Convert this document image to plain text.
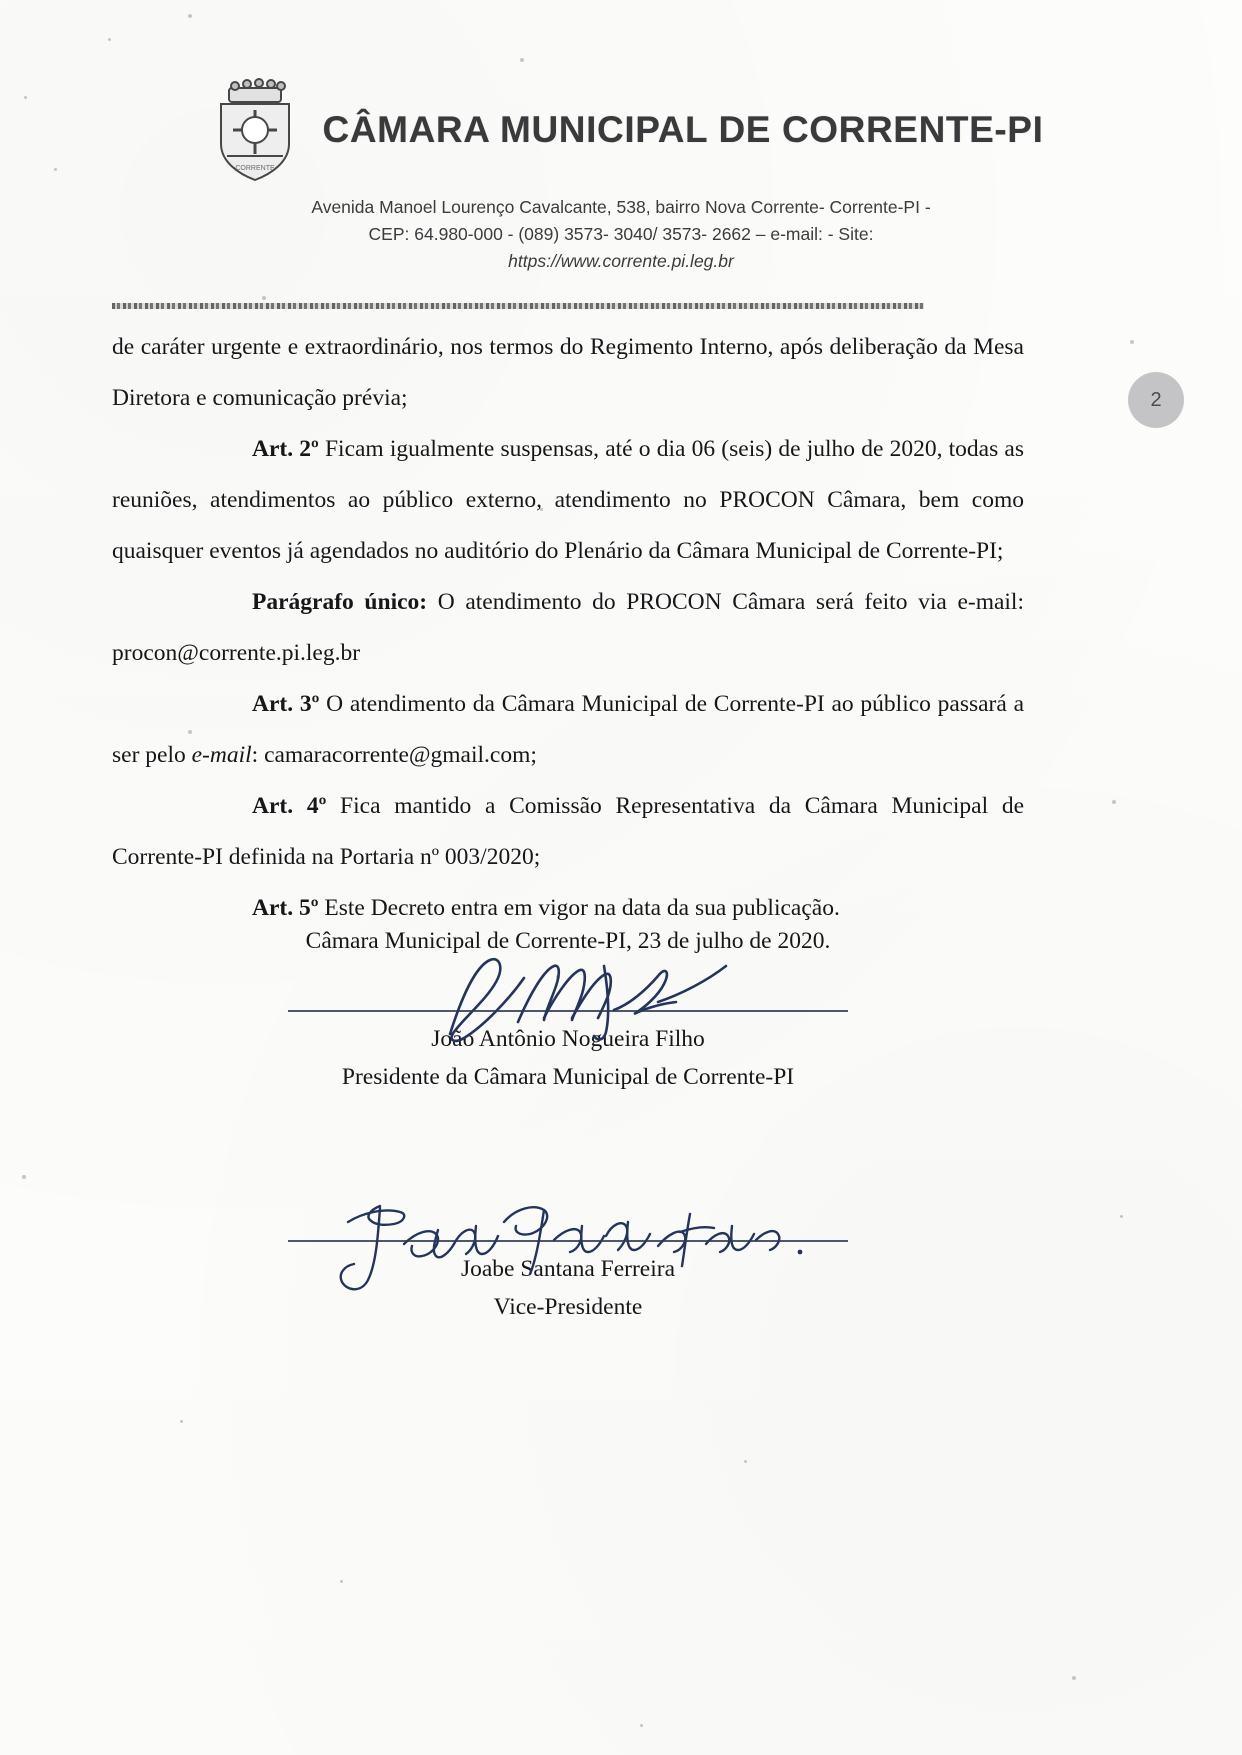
CORRENTE
CÂMARA MUNICIPAL DE CORRENTE-PI
Avenida Manoel Lourenço Cavalcante, 538, bairro Nova Corrente- Corrente-PI -
CEP: 64.980-000 - (089) 3573- 3040/ 3573- 2662 – e-mail: - Site:
https://www.corrente.pi.leg.br
2

de caráter urgente e extraordinário, nos termos do Regimento Interno, após deliberação da Mesa Diretora e comunicação prévia;

Art. 2º Ficam igualmente suspensas, até o dia 06 (seis) de julho de 2020, todas as reuniões, atendimentos ao público externo, atendimento no PROCON Câmara, bem como quaisquer eventos já agendados no auditório do Plenário da Câmara Municipal de Corrente-PI;

Parágrafo único: O atendimento do PROCON Câmara será feito via e-mail: procon@corrente.pi.leg.br

Art. 3º O atendimento da Câmara Municipal de Corrente-PI ao público passará a ser pelo e-mail: camaracorrente@gmail.com;

Art. 4º Fica mantido a Comissão Representativa da Câmara Municipal de Corrente-PI definida na Portaria nº 003/2020;

Art. 5º Este Decreto entra em vigor na data da sua publicação.

Câmara Municipal de Corrente-PI, 23 de julho de 2020.
João Antônio Nogueira Filho
Presidente da Câmara Municipal de Corrente-PI
Joabe Santana Ferreira
Vice-Presidente
